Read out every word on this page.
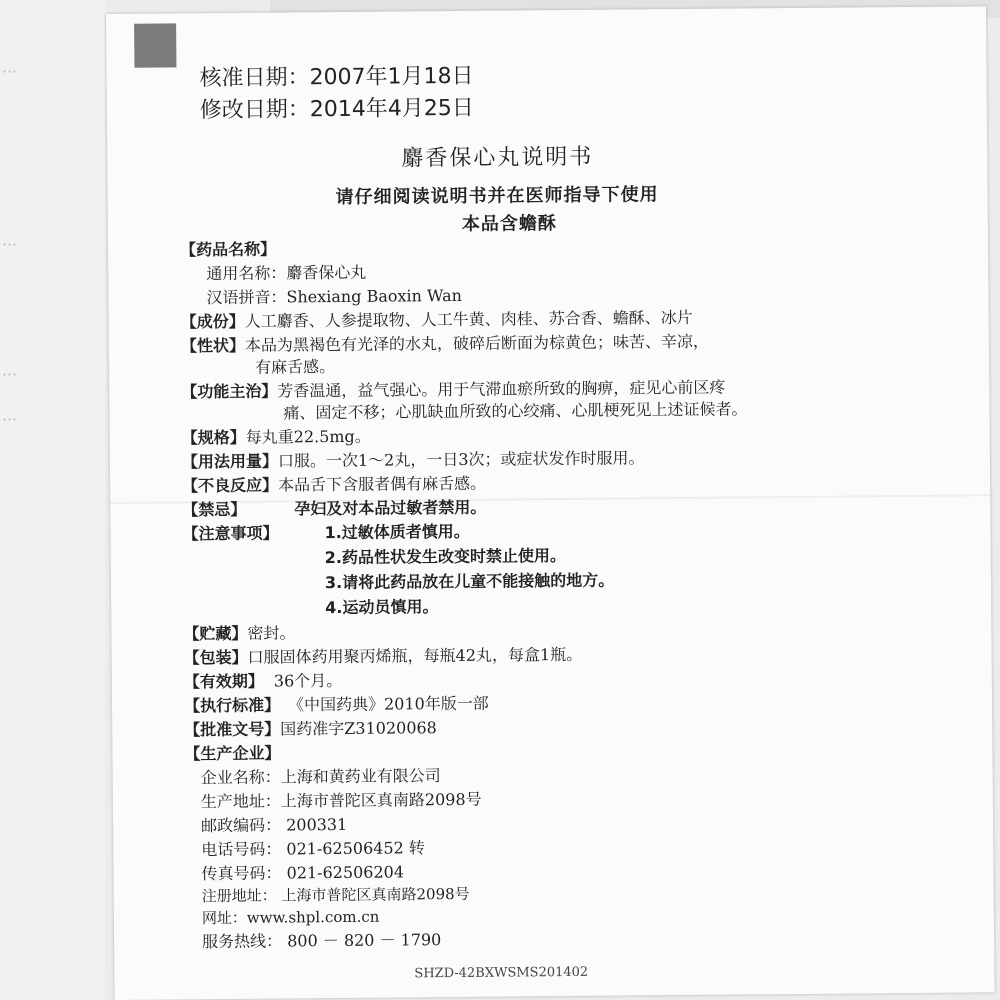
⋯
⋯
⋯
⋯
核准日期：2007年1月18日
修改日期：2014年4月25日
麝香保心丸说明书
请仔细阅读说明书并在医师指导下使用
本品含蟾酥
【药品名称】
通用名称：麝香保心丸
汉语拼音：Shexiang Baoxin Wan
【成份】人工麝香、人参提取物、人工牛黄、肉桂、苏合香、蟾酥、冰片
【性状】本品为黑褐色有光泽的水丸，破碎后断面为棕黄色；味苦、辛凉，
有麻舌感。
【功能主治】芳香温通，益气强心。用于气滞血瘀所致的胸痹，症见心前区疼
痛、固定不移；心肌缺血所致的心绞痛、心肌梗死见上述证候者。
【规格】每丸重22.5mg。
【用法用量】口服。一次1～2丸，一日3次；或症状发作时服用。
【不良反应】本品舌下含服者偶有麻舌感。
【禁忌】	孕妇及对本品过敏者禁用。
【注意事项】	1.过敏体质者慎用。
2.药品性状发生改变时禁止使用。
3.请将此药品放在儿童不能接触的地方。
4.运动员慎用。
【贮藏】密封。
【包装】口服固体药用聚丙烯瓶，每瓶42丸，每盒1瓶。
【有效期】 36个月。
【执行标准】 《中国药典》2010年版一部
【批准文号】国药准字Z31020068
【生产企业】
企业名称：上海和黄药业有限公司
生产地址：上海市普陀区真南路2098号
邮政编码： 200331
电话号码： 021-62506452 转
传真号码： 021-62506204
注册地址： 上海市普陀区真南路2098号
网址：www.shpl.com.cn
服务热线： 800 － 820 － 1790
SHZD-42BXWSMS201402
